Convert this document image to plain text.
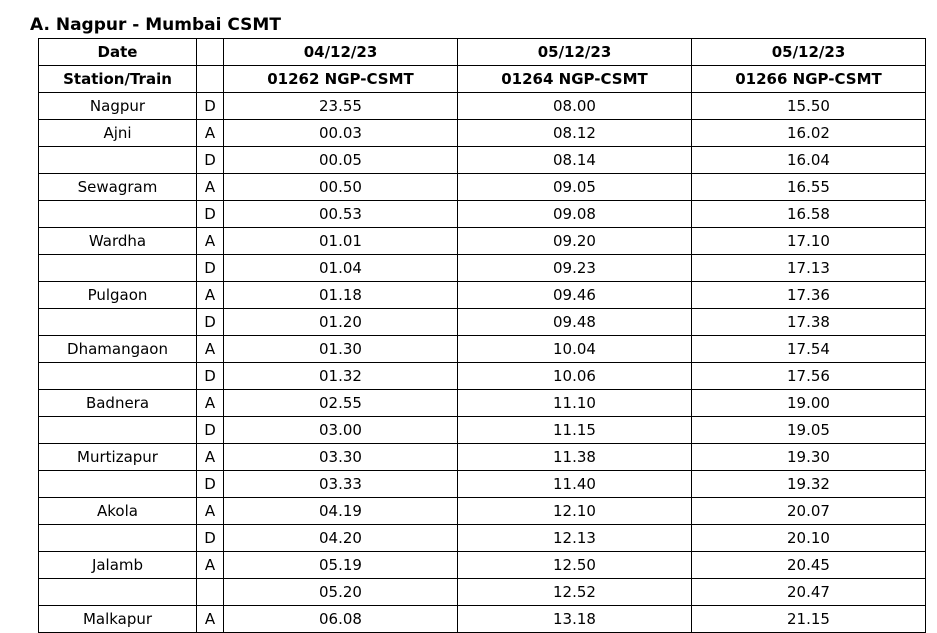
A. Nagpur - Mumbai CSMT
Date		04/12/23	05/12/23	05/12/23
Station/Train		01262 NGP-CSMT	01264 NGP-CSMT	01266 NGP-CSMT
Nagpur	D	23.55	08.00	15.50
Ajni	A	00.03	08.12	16.02
	D	00.05	08.14	16.04
Sewagram	A	00.50	09.05	16.55
	D	00.53	09.08	16.58
Wardha	A	01.01	09.20	17.10
	D	01.04	09.23	17.13
Pulgaon	A	01.18	09.46	17.36
	D	01.20	09.48	17.38
Dhamangaon	A	01.30	10.04	17.54
	D	01.32	10.06	17.56
Badnera	A	02.55	11.10	19.00
	D	03.00	11.15	19.05
Murtizapur	A	03.30	11.38	19.30
	D	03.33	11.40	19.32
Akola	A	04.19	12.10	20.07
	D	04.20	12.13	20.10
Jalamb	A	05.19	12.50	20.45
		05.20	12.52	20.47
Malkapur	A	06.08	13.18	21.15
